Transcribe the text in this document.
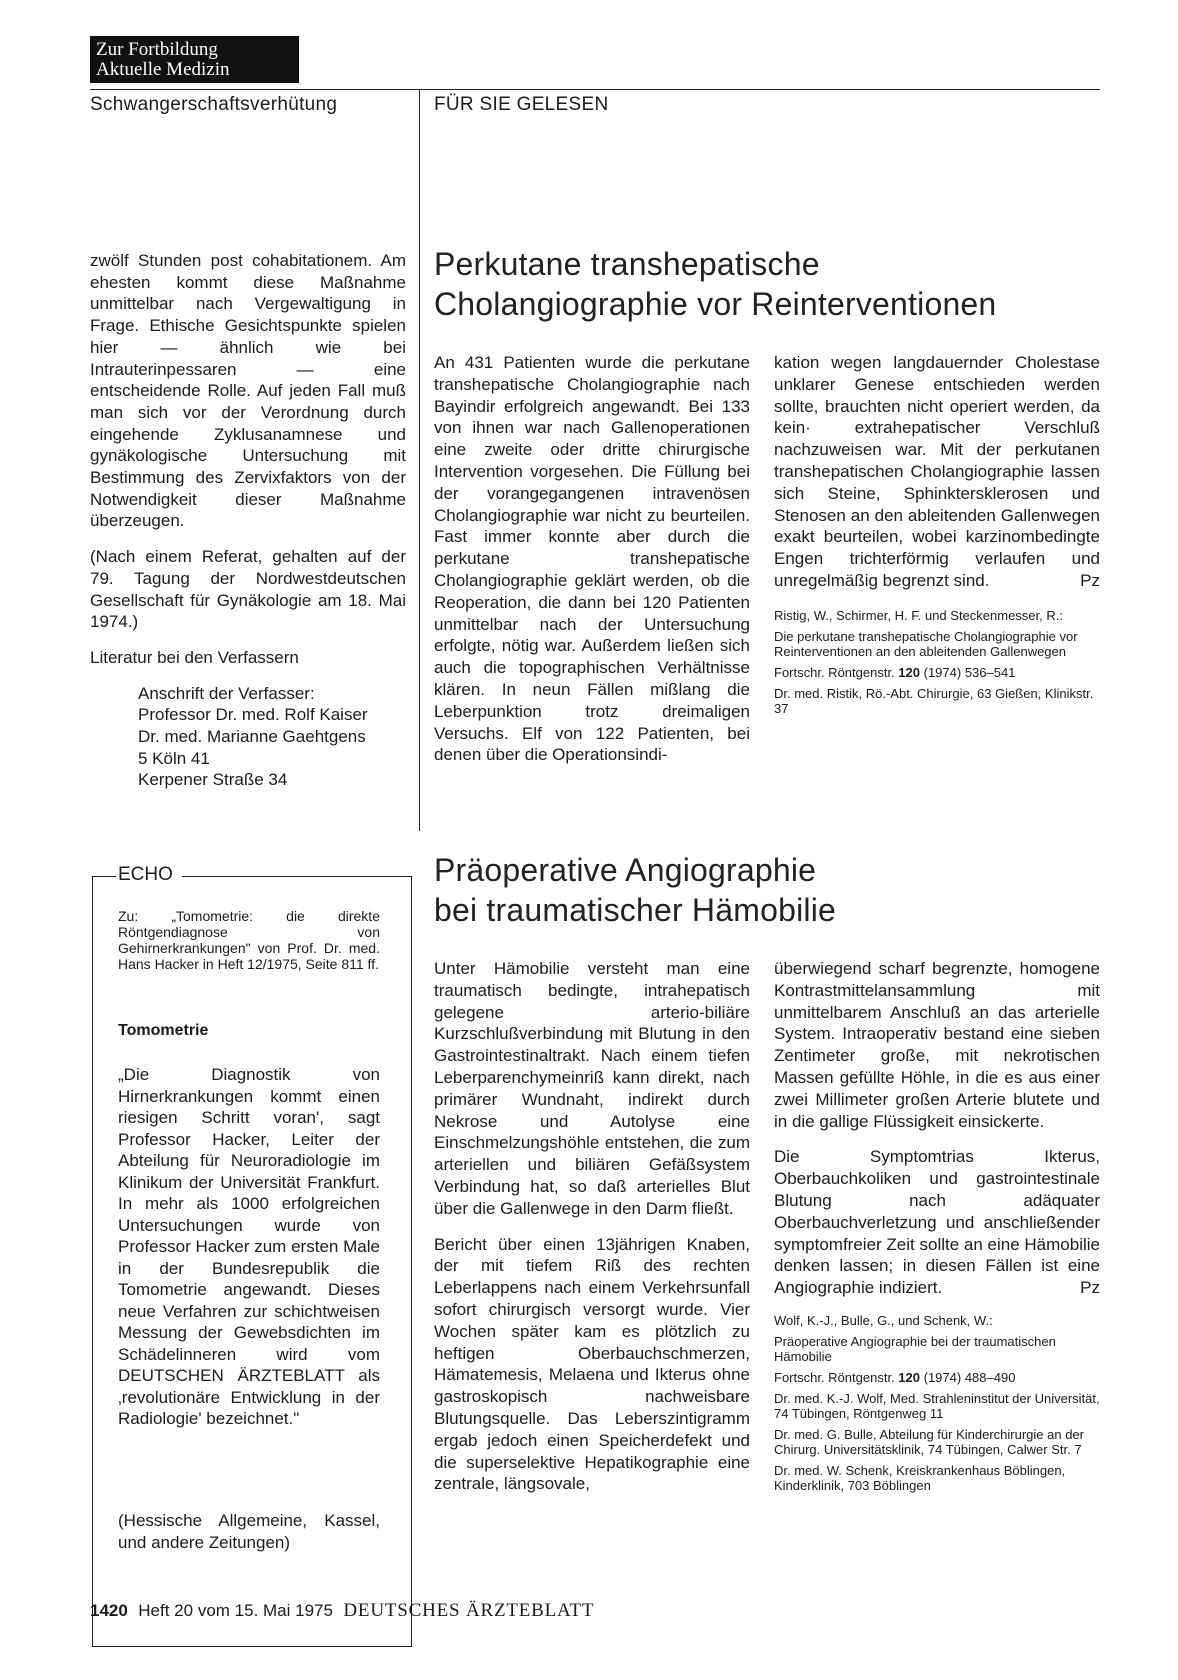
Zur Fortbildung
Aktuelle Medizin
Schwangerschaftsverhütung	FÜR SIE GELESEN

zwölf Stunden post cohabitationem. Am ehesten kommt diese Maßnahme unmittelbar nach Vergewaltigung in Frage. Ethische Gesichtspunkte spielen hier — ähnlich wie bei Intrauterinpessaren — eine entscheidende Rolle. Auf jeden Fall muß man sich vor der Verordnung durch eingehende Zyklusanamnese und gynäkologische Untersuchung mit Bestimmung des Zervixfaktors von der Notwendigkeit dieser Maßnahme überzeugen.

(Nach einem Referat, gehalten auf der 79. Tagung der Nordwestdeutschen Gesellschaft für Gynäkologie am 18. Mai 1974.)

Literatur bei den Verfassern

Anschrift der Verfasser:
Professor Dr. med. Rolf Kaiser
Dr. med. Marianne Gaehtgens
5 Köln 41
Kerpener Straße 34
ECHO
Zu: „Tomometrie: die direkte Röntgendiagnose von Gehirnerkrankungen" von Prof. Dr. med. Hans Hacker in Heft 12/1975, Seite 811 ff.
Tomometrie
„Die Diagnostik von Hirnerkrankungen kommt einen riesigen Schritt voran', sagt Professor Hacker, Leiter der Abteilung für Neuroradiologie im Klinikum der Universität Frankfurt. In mehr als 1000 erfolgreichen Untersuchungen wurde von Professor Hacker zum ersten Male in der Bundesrepublik die Tomometrie angewandt. Dieses neue Verfahren zur schichtweisen Messung der Gewebsdichten im Schädelinneren wird vom DEUTSCHEN ÄRZTEBLATT als ‚revolutionäre Entwicklung in der Radiologie' bezeichnet."
(Hessische Allgemeine, Kassel, und andere Zeitungen)
Perkutane transhepatische
Cholangiographie vor Reinterventionen
An 431 Patienten wurde die perkutane transhepatische Cholangiographie nach Bayindir erfolgreich angewandt. Bei 133 von ihnen war nach Gallenoperationen eine zweite oder dritte chirurgische Intervention vorgesehen. Die Füllung bei der vorangegangenen intravenösen Cholangiographie war nicht zu beurteilen. Fast immer konnte aber durch die perkutane transhepatische Cholangiographie geklärt werden, ob die Reoperation, die dann bei 120 Patienten unmittelbar nach der Untersuchung erfolgte, nötig war. Außerdem ließen sich auch die topographischen Verhältnisse klären. In neun Fällen mißlang die Leberpunktion trotz dreimaligen Versuchs. Elf von 122 Patienten, bei denen über die Operationsindi-
kation wegen langdauernder Cholestase unklarer Genese entschieden werden sollte, brauchten nicht operiert werden, da kein· extrahepatischer Verschluß nachzuweisen war. Mit der perkutanen transhepatischen Cholangiographie lassen sich Steine, Sphinktersklerosen und Stenosen an den ableitenden Gallenwegen exakt beurteilen, wobei karzinombedingte Engen trichterförmig verlaufen und unregelmäßig begrenzt sind.	Pz
Ristig, W., Schirmer, H. F. und Steckenmesser, R.:
Die perkutane transhepatische Cholangiographie vor Reinterventionen an den ableitenden Gallenwegen
Fortschr. Röntgenstr. 120 (1974) 536–541
Dr. med. Ristik, Rö.-Abt. Chirurgie, 63 Gießen, Klinikstr. 37
Präoperative Angiographie
bei traumatischer Hämobilie

Unter Hämobilie versteht man eine traumatisch bedingte, intrahepatisch gelegene arterio-biliäre Kurzschlußverbindung mit Blutung in den Gastrointestinaltrakt. Nach einem tiefen Leberparenchymeinriß kann direkt, nach primärer Wundnaht, indirekt durch Nekrose und Autolyse eine Einschmelzungshöhle entstehen, die zum arteriellen und biliären Gefäßsystem Verbindung hat, so daß arterielles Blut über die Gallenwege in den Darm fließt.

Bericht über einen 13jährigen Knaben, der mit tiefem Riß des rechten Leberlappens nach einem Verkehrsunfall sofort chirurgisch versorgt wurde. Vier Wochen später kam es plötzlich zu heftigen Oberbauchschmerzen, Hämatemesis, Melaena und Ikterus ohne gastroskopisch nachweisbare Blutungsquelle. Das Leberszintigramm ergab jedoch einen Speicherdefekt und die superselektive Hepatikographie eine zentrale, längsovale,

überwiegend scharf begrenzte, homogene Kontrastmittelansammlung mit unmittelbarem Anschluß an das arterielle System. Intraoperativ bestand eine sieben Zentimeter große, mit nekrotischen Massen gefüllte Höhle, in die es aus einer zwei Millimeter großen Arterie blutete und in die gallige Flüssigkeit einsickerte.

Die Symptomtrias Ikterus, Oberbauchkoliken und gastrointestinale Blutung nach adäquater Oberbauchverletzung und anschließender symptomfreier Zeit sollte an eine Hämobilie denken lassen; in diesen Fällen ist eine Angiographie indiziert.	Pz

Wolf, K.-J., Bulle, G., und Schenk, W.:
Präoperative Angiographie bei der traumatischen Hämobilie
Fortschr. Röntgenstr. 120 (1974) 488–490
Dr. med. K.-J. Wolf, Med. Strahleninstitut der Universität, 74 Tübingen, Röntgenweg 11
Dr. med. G. Bulle, Abteilung für Kinderchirurgie an der Chirurg. Universitätsklinik, 74 Tübingen, Calwer Str. 7
Dr. med. W. Schenk, Kreiskrankenhaus Böblingen, Kinderklinik, 703 Böblingen
1420 Heft 20 vom 15. Mai 1975 DEUTSCHES ÄRZTEBLATT
